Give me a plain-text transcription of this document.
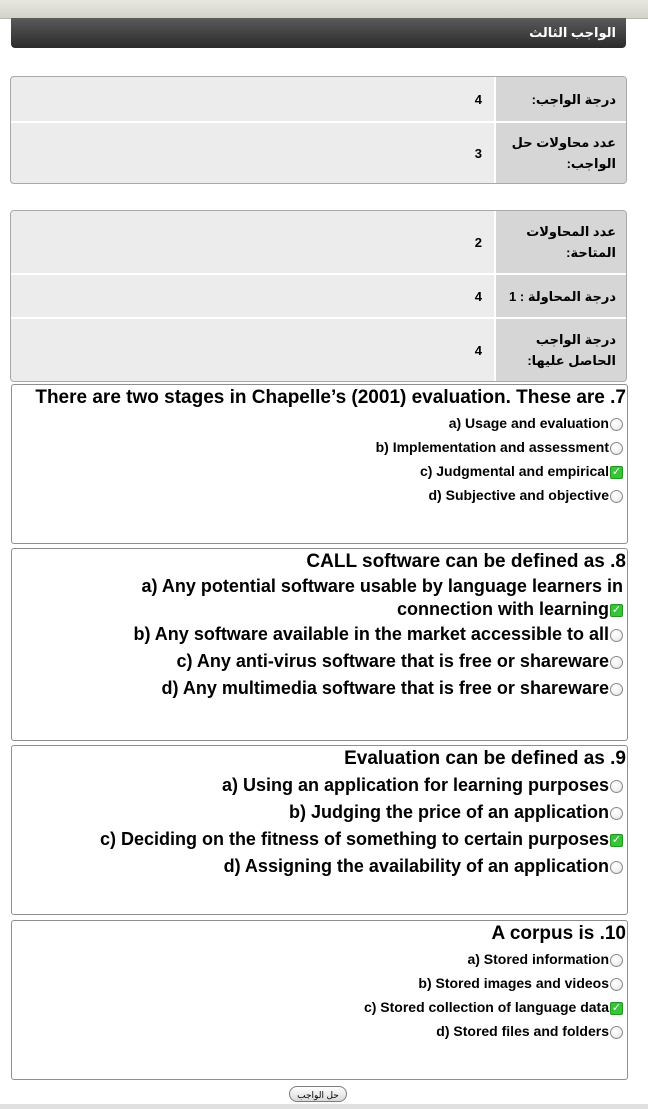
الواجب الثالث
درجة الواجب:
4
عدد محاولات حل الواجب:
3
عدد المحاولات المتاحة:
2
درجة المحاولة : 1
4
درجة الواجب الحاصل عليها:
4
There are two stages in Chapelle’s (2001) evaluation. These are .7
a) Usage and evaluation
b) Implementation and assessment
c) Judgmental and empirical ✓
d) Subjective and objective
CALL software can be defined as .8
a) Any potential software usable by language learners in connection with learning ✓
b) Any software available in the market accessible to all
c) Any anti-virus software that is free or shareware
d) Any multimedia software that is free or shareware
Evaluation can be defined as .9
a) Using an application for learning purposes
b) Judging the price of an application
c) Deciding on the fitness of something to certain purposes ✓
d) Assigning the availability of an application
A corpus is .10
a) Stored information
b) Stored images and videos
c) Stored collection of language data ✓
d) Stored files and folders
حل الواجب
